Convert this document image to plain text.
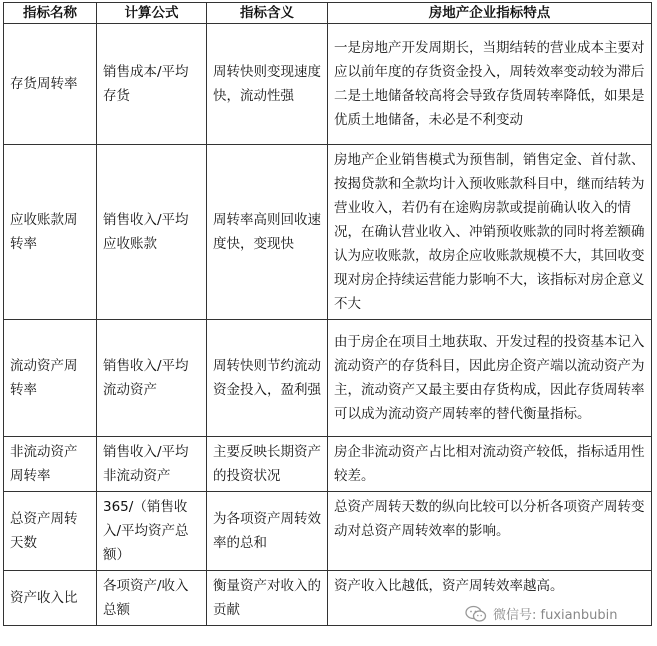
指标名称	计算公式	指标含义	房地产企业指标特点
存货周转率	销售成本/平均存货	周转快则变现速度快，流动性强	一是房地产开发周期长，当期结转的营业成本主要对应以前年度的存货资金投入，周转效率变动较为滞后
二是土地储备较高将会导致存货周转率降低，如果是优质土地储备，未必是不利变动
应收账款周转率	销售收入/平均应收账款	周转率高则回收速度快，变现快	房地产企业销售模式为预售制，销售定金、首付款、按揭贷款和全款均计入预收账款科目中，继而结转为营业收入，若仍有在途购房款或提前确认收入的情况，在确认营业收入、冲销预收账款的同时将差额确认为应收账款，故房企应收账款规模不大，其回收变现对房企持续运营能力影响不大，该指标对房企意义不大
流动资产周转率	销售收入/平均流动资产	周转快则节约流动资金投入，盈利强	由于房企在项目土地获取、开发过程的投资基本记入流动资产的存货科目，因此房企资产端以流动资产为主，流动资产又最主要由存货构成，因此存货周转率可以成为流动资产周转率的替代衡量指标。
非流动资产周转率	销售收入/平均非流动资产	主要反映长期资产的投资状况	房企非流动资产占比相对流动资产较低，指标适用性较差。
总资产周转天数	365/（销售收入/平均资产总额）	为各项资产周转效率的总和	总资产周转天数的纵向比较可以分析各项资产周转变动对总资产周转效率的影响。
资产收入比	各项资产/收入总额	衡量资产对收入的贡献	资产收入比越低，资产周转效率越高。
微信号: fuxianbubin
